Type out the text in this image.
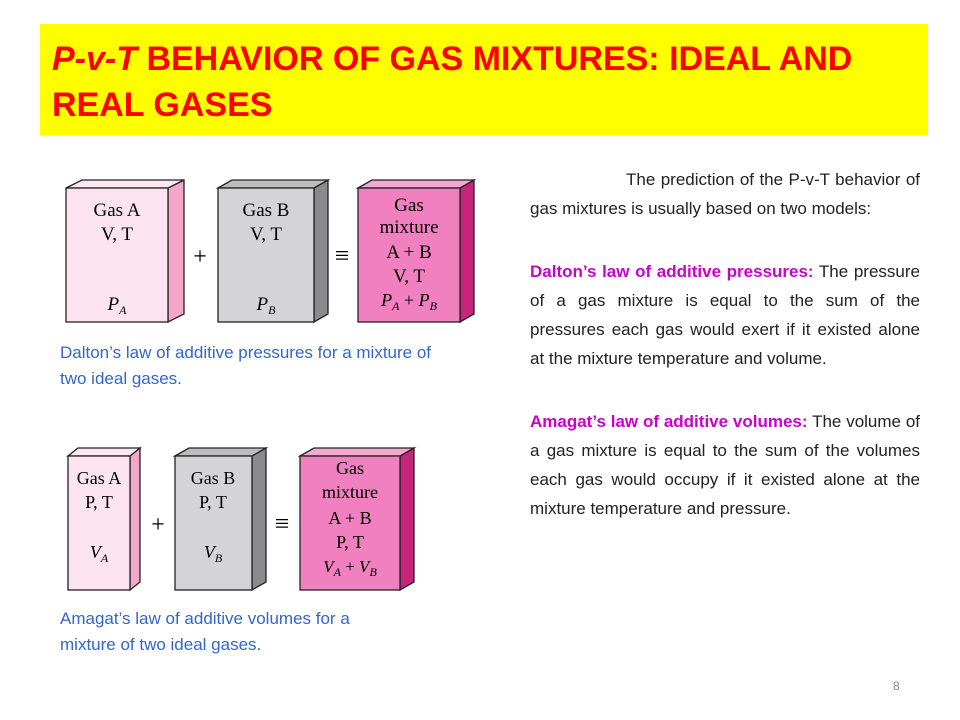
P-v-T BEHAVIOR OF GAS MIXTURES: IDEAL AND REAL GASES
Gas A
V, T
$P_A$
+
Gas B
V, T
$P_B$
≡
Gas
mixture
A + B
V, T
$P_A + P_B$
Dalton’s law of additive pressures for a mixture of two ideal gases.
Gas A
P, T
$V_A$
+
Gas B
P, T
$V_B$
≡
Gas
mixture
A + B
P, T
$V_A + V_B$
Amagat’s law of additive volumes for a mixture of two ideal gases.

The prediction of the P-v-T behavior of gas mixtures is usually based on two models:

Dalton’s law of additive pressures: The pressure of a gas mixture is equal to the sum of the pressures each gas would exert if it existed alone at the mixture temperature and volume.

Amagat’s law of additive volumes: The volume of a gas mixture is equal to the sum of the volumes each gas would occupy if it existed alone at the mixture temperature and pressure.

8
